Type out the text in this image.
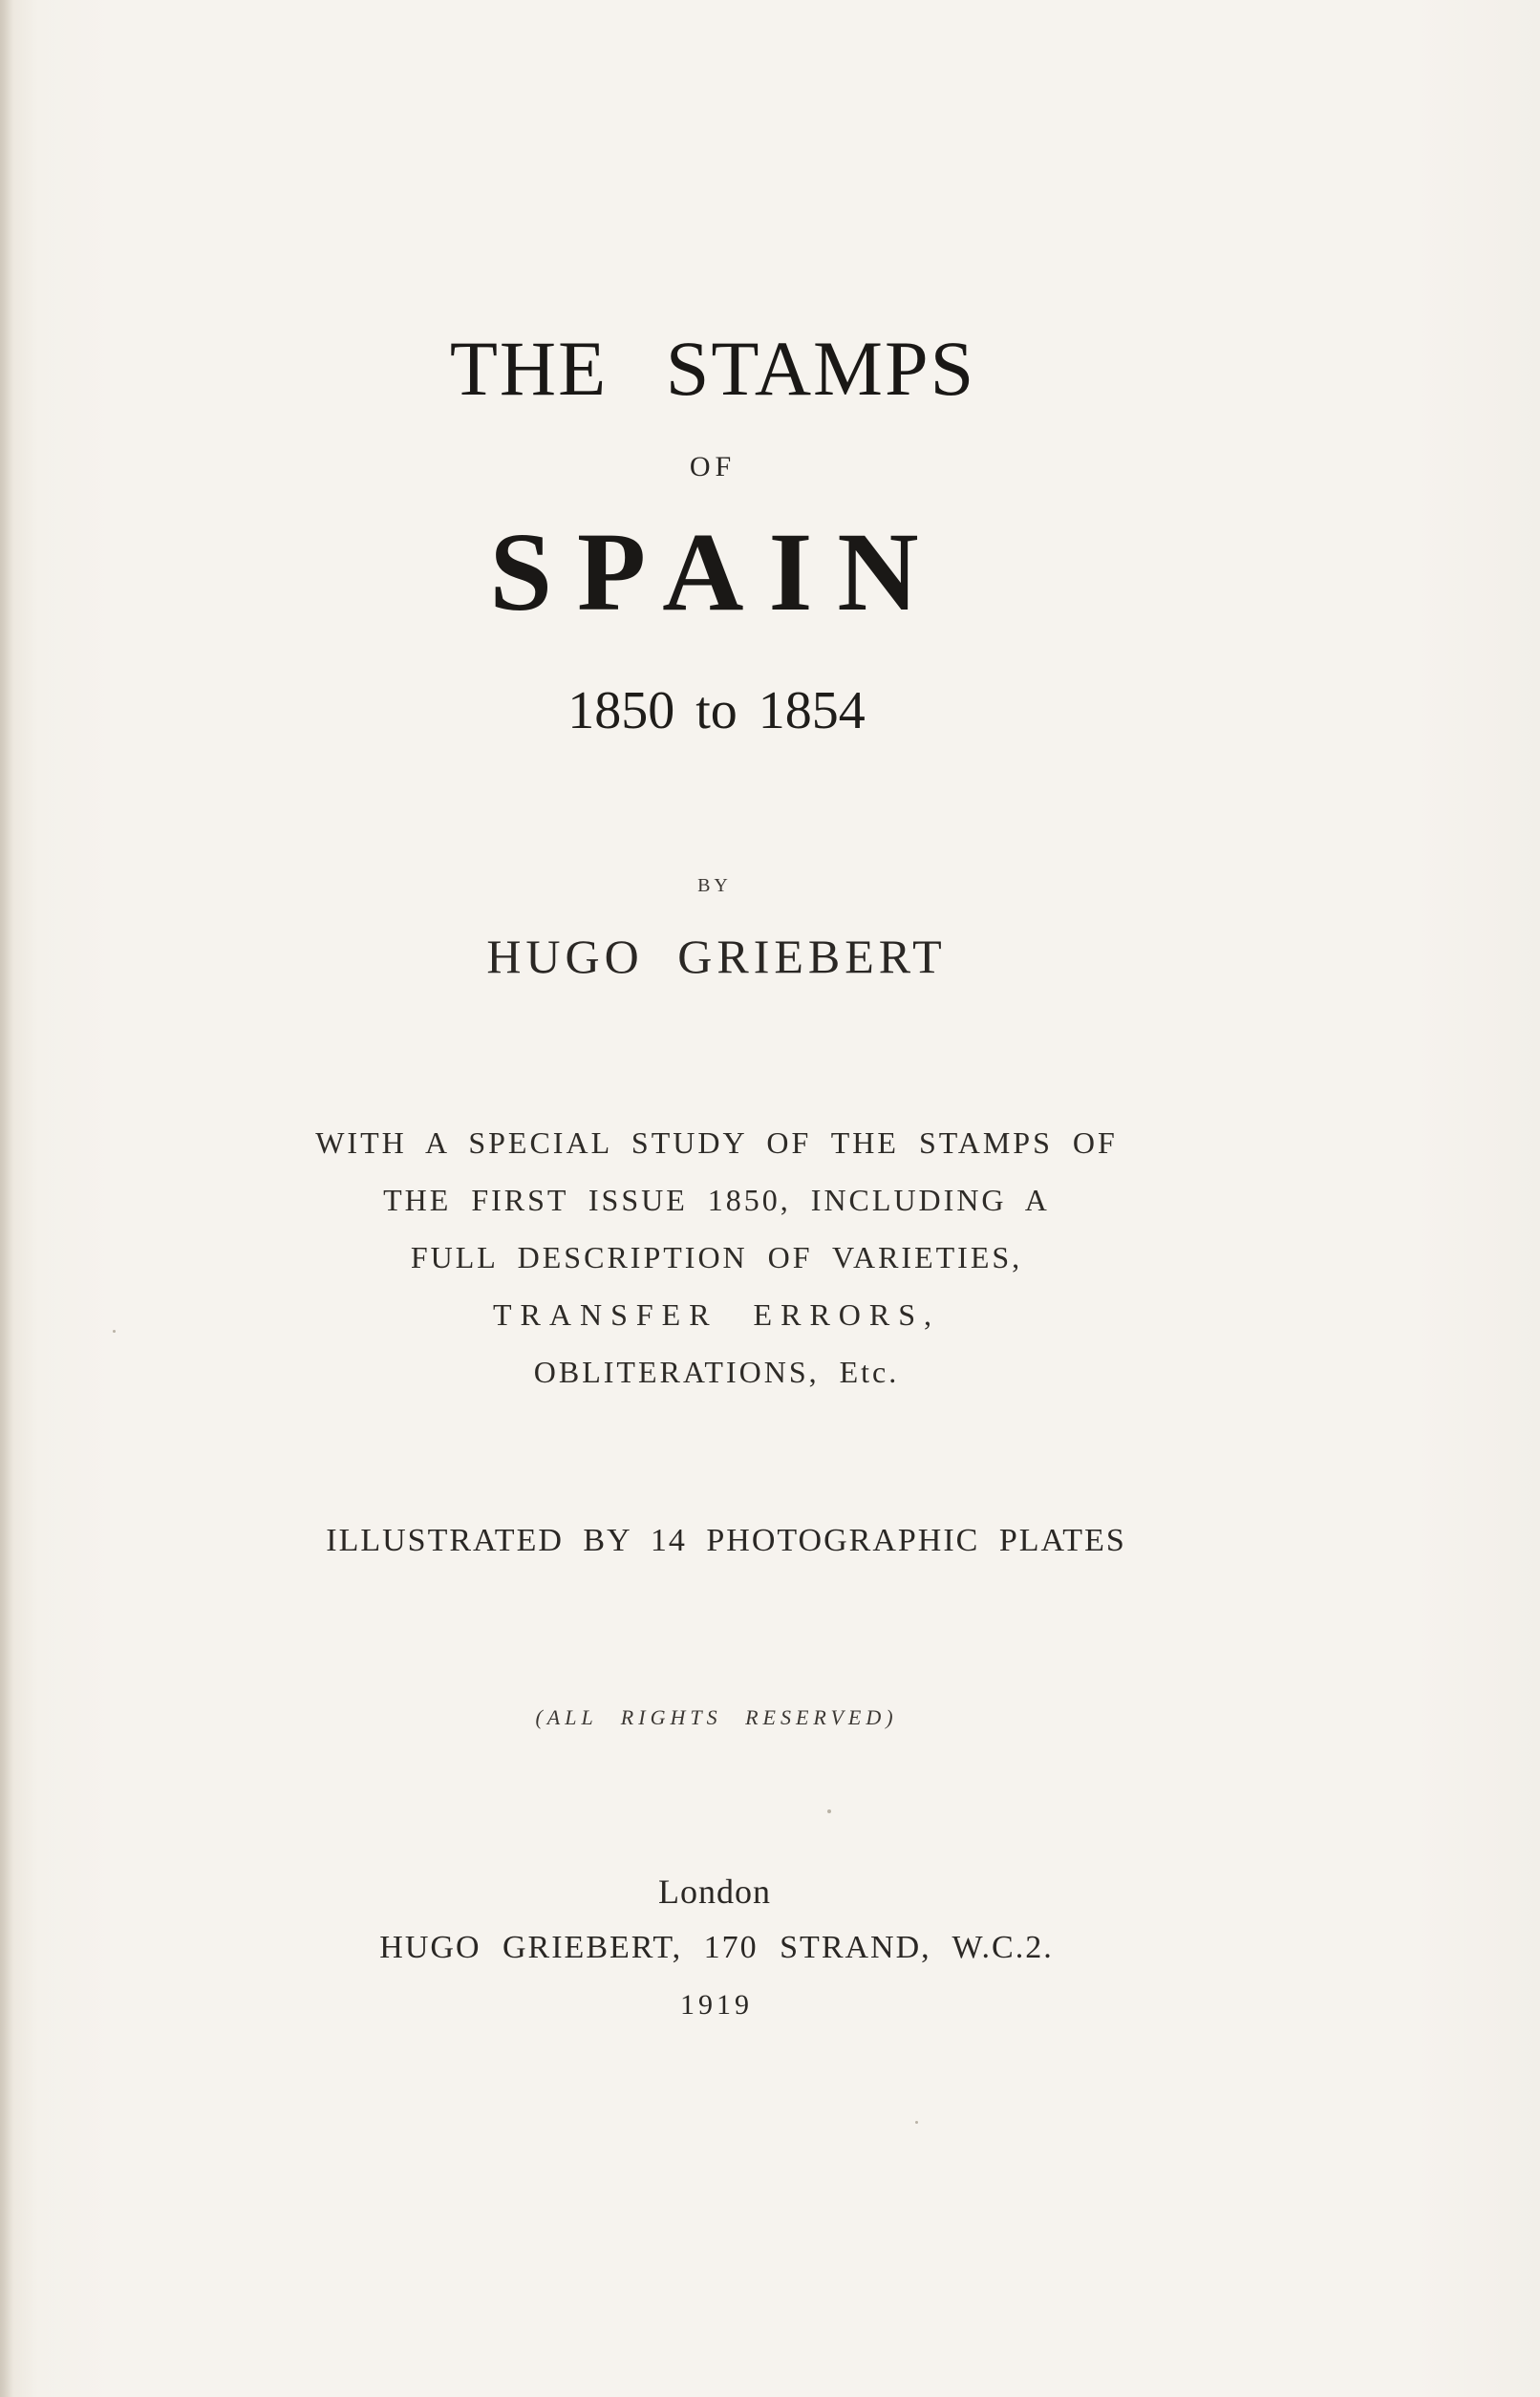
THE STAMPS
OF
SPAIN
1850 to 1854
BY
HUGO GRIEBERT
WITH A SPECIAL STUDY OF THE STAMPS OF
THE FIRST ISSUE 1850, INCLUDING A
FULL DESCRIPTION OF VARIETIES,
TRANSFER ERRORS,
OBLITERATIONS, Etc.
ILLUSTRATED BY 14 PHOTOGRAPHIC PLATES
(ALL RIGHTS RESERVED)
London
HUGO GRIEBERT, 170 STRAND, W.C.2.
1919
